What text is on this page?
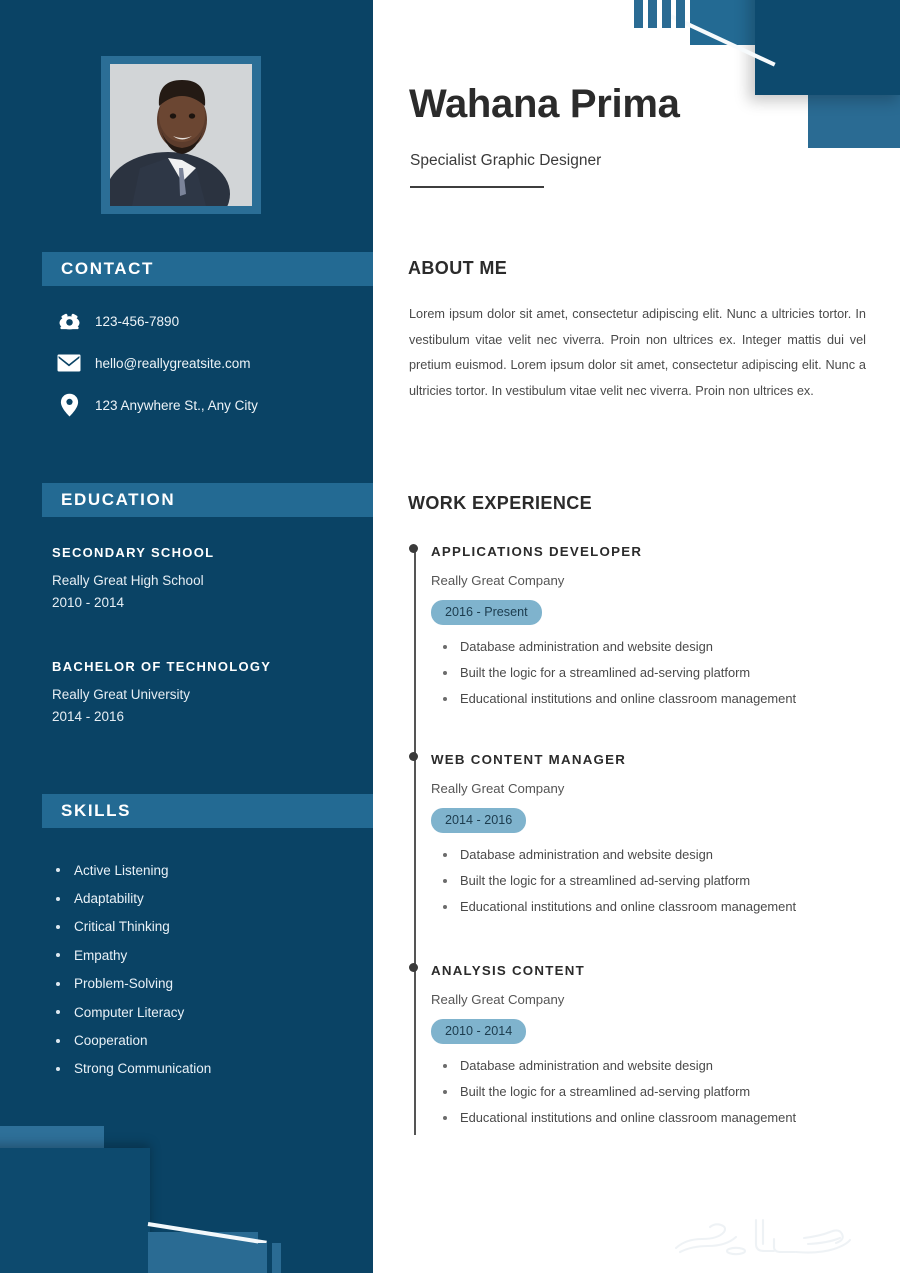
CONTACT
123-456-7890
hello@reallygreatsite.com
123 Anywhere St., Any City
EDUCATION
SECONDARY SCHOOL
Really Great High School
2010 - 2014
BACHELOR OF TECHNOLOGY
Really Great University
2014 - 2016
SKILLS
Active Listening
Adaptability
Critical Thinking
Empathy
Problem-Solving
Computer Literacy
Cooperation
Strong Communication
Wahana Prima
Specialist Graphic Designer
ABOUT ME
Lorem ipsum dolor sit amet, consectetur adipiscing elit. Nunc a ultricies tortor. In vestibulum vitae velit nec viverra. Proin non ultrices ex. Integer mattis dui vel pretium euismod. Lorem ipsum dolor sit amet, consectetur adipiscing elit. Nunc a ultricies tortor. In vestibulum vitae velit nec viverra. Proin non ultrices ex.
WORK EXPERIENCE
APPLICATIONS DEVELOPER
Really Great Company
2016 - Present
Database administration and website design
Built the logic for a streamlined ad-serving platform
Educational institutions and online classroom management
WEB CONTENT MANAGER
Really Great Company
2014 - 2016
Database administration and website design
Built the logic for a streamlined ad-serving platform
Educational institutions and online classroom management
ANALYSIS CONTENT
Really Great Company
2010 - 2014
Database administration and website design
Built the logic for a streamlined ad-serving platform
Educational institutions and online classroom management
